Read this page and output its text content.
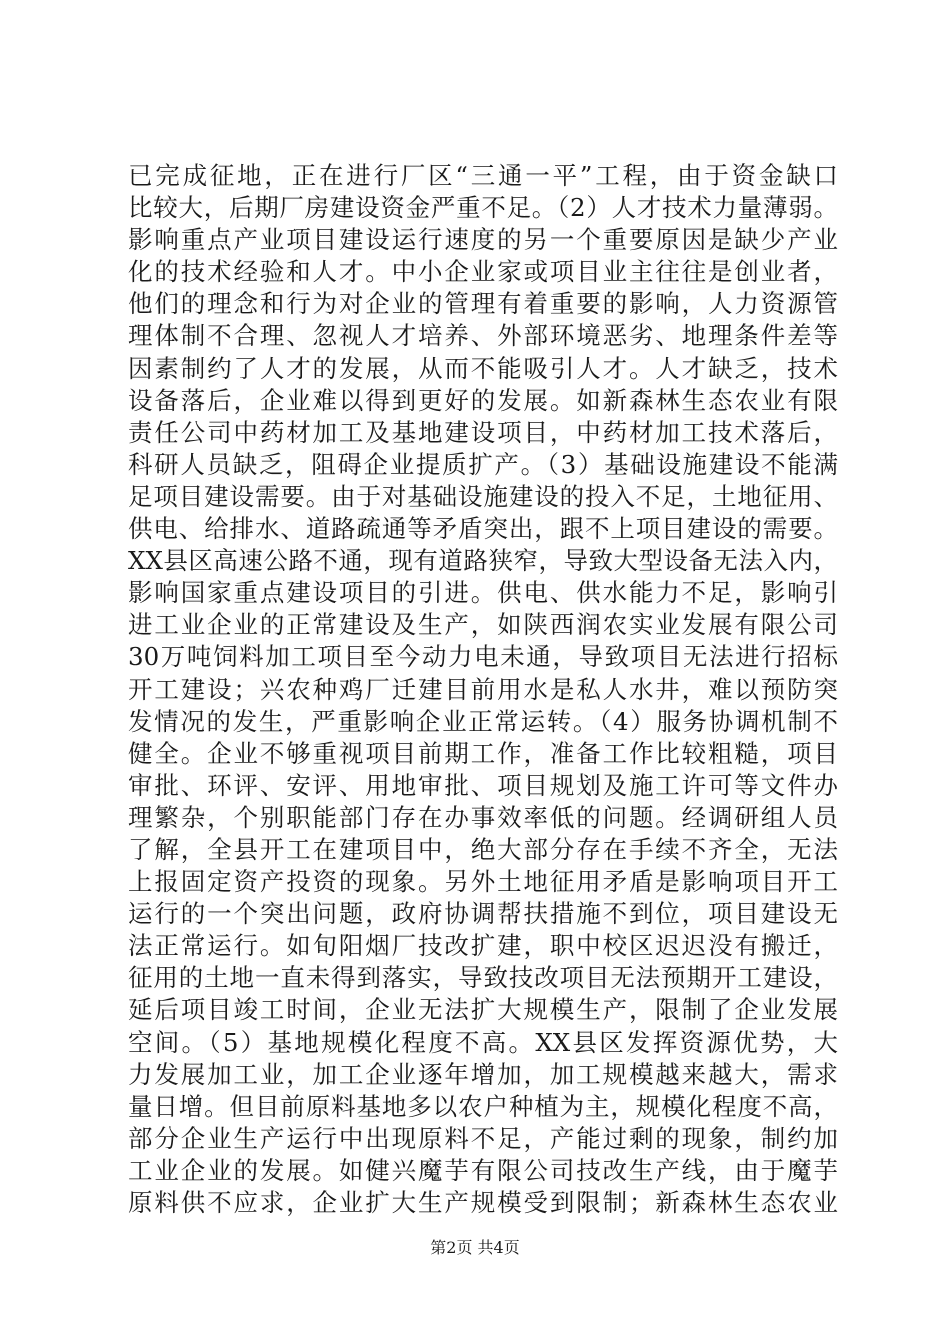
已完成征地，正在进行厂区“三通一平”工程，由于资金缺口
比较大，后期厂房建设资金严重不足。（2）人才技术力量薄弱。
影响重点产业项目建设运行速度的另一个重要原因是缺少产业
化的技术经验和人才。中小企业家或项目业主往往是创业者，
他们的理念和行为对企业的管理有着重要的影响，人力资源管
理体制不合理、忽视人才培养、外部环境恶劣、地理条件差等
因素制约了人才的发展，从而不能吸引人才。人才缺乏，技术
设备落后，企业难以得到更好的发展。如新森林生态农业有限
责任公司中药材加工及基地建设项目，中药材加工技术落后，
科研人员缺乏，阻碍企业提质扩产。（3）基础设施建设不能满
足项目建设需要。由于对基础设施建设的投入不足，土地征用、
供电、给排水、道路疏通等矛盾突出，跟不上项目建设的需要。
XX县区高速公路不通，现有道路狭窄，导致大型设备无法入内，
影响国家重点建设项目的引进。供电、供水能力不足，影响引
进工业企业的正常建设及生产，如陕西润农实业发展有限公司
30万吨饲料加工项目至今动力电未通，导致项目无法进行招标
开工建设；兴农种鸡厂迁建目前用水是私人水井，难以预防突
发情况的发生，严重影响企业正常运转。（4）服务协调机制不
健全。企业不够重视项目前期工作，准备工作比较粗糙，项目
审批、环评、安评、用地审批、项目规划及施工许可等文件办
理繁杂，个别职能部门存在办事效率低的问题。经调研组人员
了解，全县开工在建项目中，绝大部分存在手续不齐全，无法
上报固定资产投资的现象。另外土地征用矛盾是影响项目开工
运行的一个突出问题，政府协调帮扶措施不到位，项目建设无
法正常运行。如旬阳烟厂技改扩建，职中校区迟迟没有搬迁，
征用的土地一直未得到落实，导致技改项目无法预期开工建设，
延后项目竣工时间，企业无法扩大规模生产，限制了企业发展
空间。（5）基地规模化程度不高。XX县区发挥资源优势，大
力发展加工业，加工企业逐年增加，加工规模越来越大，需求
量日增。但目前原料基地多以农户种植为主，规模化程度不高，
部分企业生产运行中出现原料不足，产能过剩的现象，制约加
工业企业的发展。如健兴魔芋有限公司技改生产线，由于魔芋
原料供不应求，企业扩大生产规模受到限制；新森林生态农业
第2页 共4页
